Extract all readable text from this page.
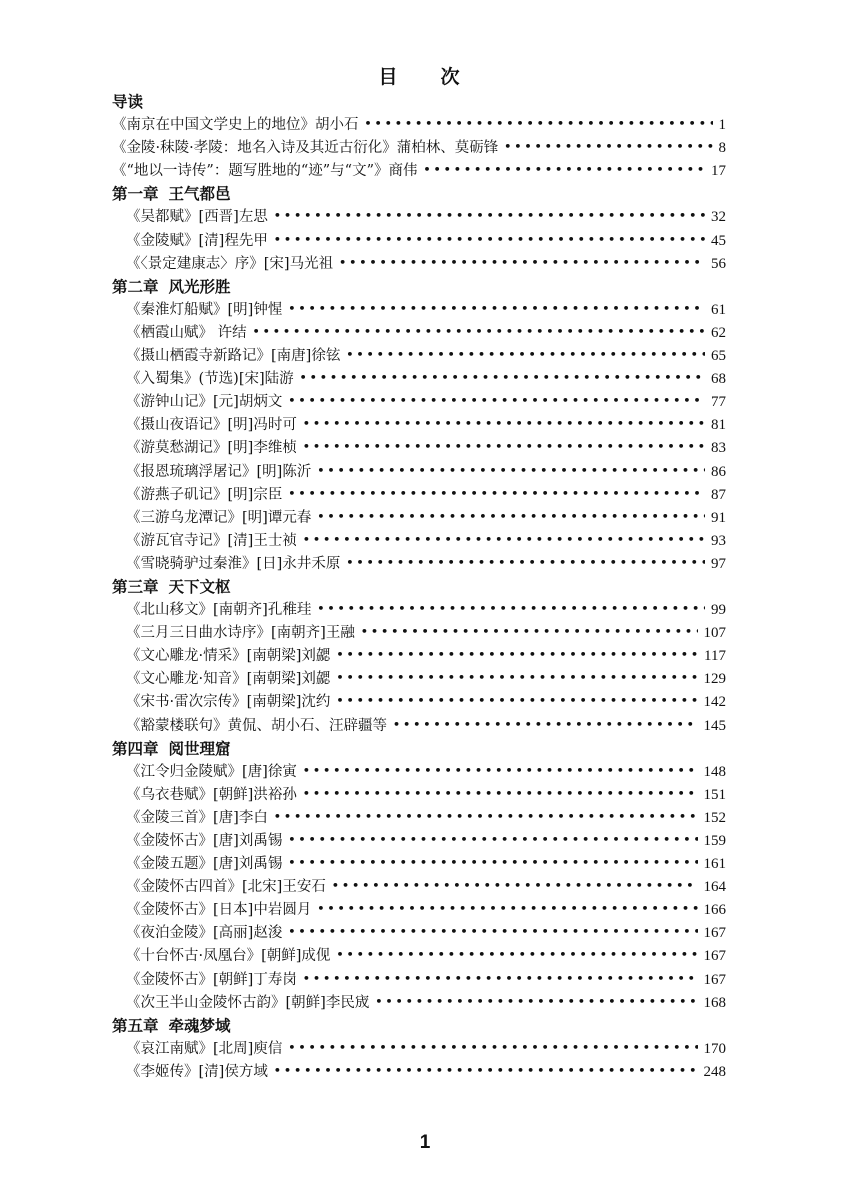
目　次
导读
《南京在中国文学史上的地位》胡小石 •••••	1
《金陵·秣陵·孝陵：地名入诗及其近古衍化》蒲柏林、莫砺锋 •••••	8
《“地以一诗传”：题写胜地的“迹”与“文”》商伟 •••••	17
第一章 王气都邑
《吴都赋》[西晋]左思 •••••	32
《金陵赋》[清]程先甲 •••••	45
《〈景定建康志〉序》[宋]马光祖 •••••	56
第二章 风光形胜
《秦淮灯船赋》[明]钟惺 •••••	61
《栖霞山赋》 许结 •••••	62
《摄山栖霞寺新路记》[南唐]徐铉 •••••	65
《入蜀集》(节选)[宋]陆游 •••••	68
《游钟山记》[元]胡炳文 •••••	77
《摄山夜语记》[明]冯时可 •••••	81
《游莫愁湖记》[明]李维桢 •••••	83
《报恩琉璃浮屠记》[明]陈沂 •••••	86
《游燕子矶记》[明]宗臣 •••••	87
《三游乌龙潭记》[明]谭元春 •••••	91
《游瓦官寺记》[清]王士祯 •••••	93
《雪晓骑驴过秦淮》[日]永井禾原 •••••	97
第三章 天下文枢
《北山移文》[南朝齐]孔稚珪 •••••	99
《三月三日曲水诗序》[南朝齐]王融 •••••	107
《文心雕龙·情采》[南朝梁]刘勰 •••••	117
《文心雕龙·知音》[南朝梁]刘勰 •••••	129
《宋书·雷次宗传》[南朝梁]沈约 •••••	142
《豁蒙楼联句》黄侃、胡小石、汪辟疆等 •••••	145
第四章 阅世理窟
《江令归金陵赋》[唐]徐寅 •••••	148
《乌衣巷赋》[朝鲜]洪裕孙 •••••	151
《金陵三首》[唐]李白 •••••	152
《金陵怀古》[唐]刘禹锡 •••••	159
《金陵五题》[唐]刘禹锡 •••••	161
《金陵怀古四首》[北宋]王安石 •••••	164
《金陵怀古》[日本]中岩圆月 •••••	166
《夜泊金陵》[高丽]赵浚 •••••	167
《十台怀古·凤凰台》[朝鲜]成伣 •••••	167
《金陵怀古》[朝鲜]丁寿岗 •••••	167
《次王半山金陵怀古韵》[朝鲜]李民宬 •••••	168
第五章 牵魂梦域
《哀江南赋》[北周]庾信 •••••	170
《李姬传》[清]侯方域 •••••	248
1
